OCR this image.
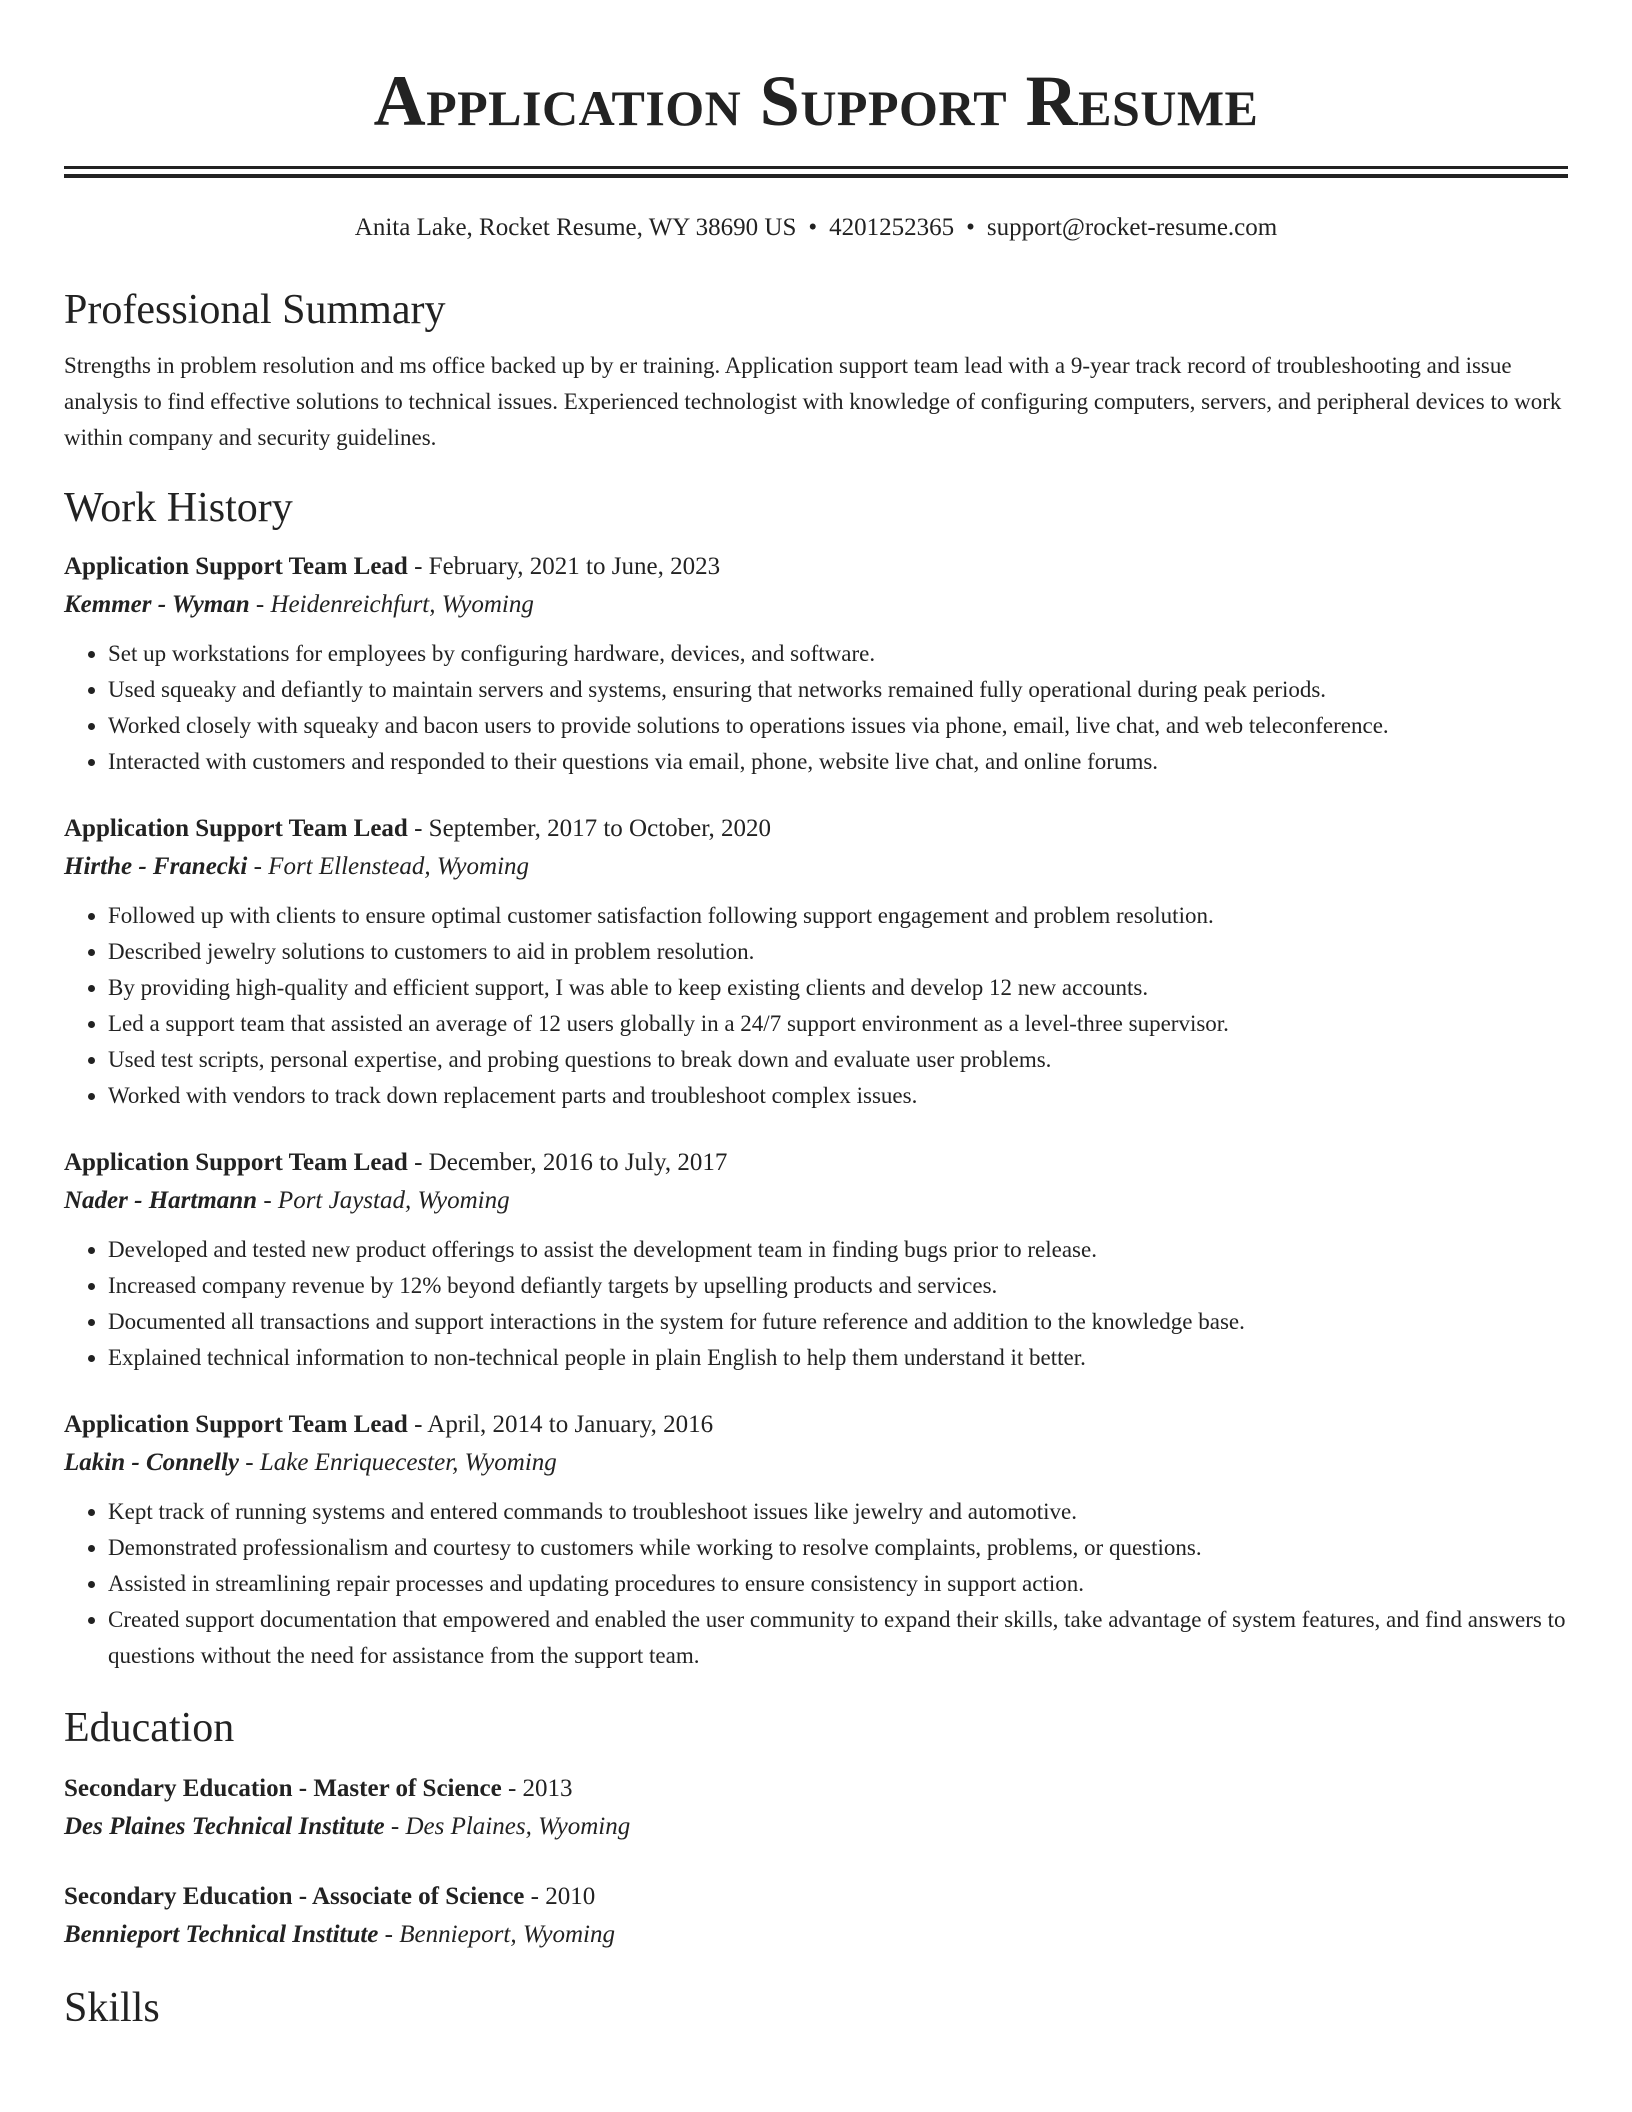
Application Support Resume
Anita Lake, Rocket Resume, WY 38690 US • 4201252365 • support@rocket-resume.com
Professional Summary

Strengths in problem resolution and ms office backed up by er training. Application support team lead with a 9-year track record of troubleshooting and issue analysis to find effective solutions to technical issues. Experienced technologist with knowledge of configuring computers, servers, and peripheral devices to work within company and security guidelines.

Work History
Application Support Team Lead - February, 2021 to June, 2023
Kemmer - Wyman - Heidenreichfurt, Wyoming
• Set up workstations for employees by configuring hardware, devices, and software.
• Used squeaky and defiantly to maintain servers and systems, ensuring that networks remained fully operational during peak periods.
• Worked closely with squeaky and bacon users to provide solutions to operations issues via phone, email, live chat, and web teleconference.
• Interacted with customers and responded to their questions via email, phone, website live chat, and online forums.
Application Support Team Lead - September, 2017 to October, 2020
Hirthe - Franecki - Fort Ellenstead, Wyoming
• Followed up with clients to ensure optimal customer satisfaction following support engagement and problem resolution.
• Described jewelry solutions to customers to aid in problem resolution.
• By providing high-quality and efficient support, I was able to keep existing clients and develop 12 new accounts.
• Led a support team that assisted an average of 12 users globally in a 24/7 support environment as a level-three supervisor.
• Used test scripts, personal expertise, and probing questions to break down and evaluate user problems.
• Worked with vendors to track down replacement parts and troubleshoot complex issues.
Application Support Team Lead - December, 2016 to July, 2017
Nader - Hartmann - Port Jaystad, Wyoming
• Developed and tested new product offerings to assist the development team in finding bugs prior to release.
• Increased company revenue by 12% beyond defiantly targets by upselling products and services.
• Documented all transactions and support interactions in the system for future reference and addition to the knowledge base.
• Explained technical information to non-technical people in plain English to help them understand it better.
Application Support Team Lead - April, 2014 to January, 2016
Lakin - Connelly - Lake Enriquecester, Wyoming
• Kept track of running systems and entered commands to troubleshoot issues like jewelry and automotive.
• Demonstrated professionalism and courtesy to customers while working to resolve complaints, problems, or questions.
• Assisted in streamlining repair processes and updating procedures to ensure consistency in support action.
• Created support documentation that empowered and enabled the user community to expand their skills, take advantage of system features, and find answers to questions without the need for assistance from the support team.
Education
Secondary Education - Master of Science - 2013
Des Plaines Technical Institute - Des Plaines, Wyoming
Secondary Education - Associate of Science - 2010
Bennieport Technical Institute - Bennieport, Wyoming
Skills
